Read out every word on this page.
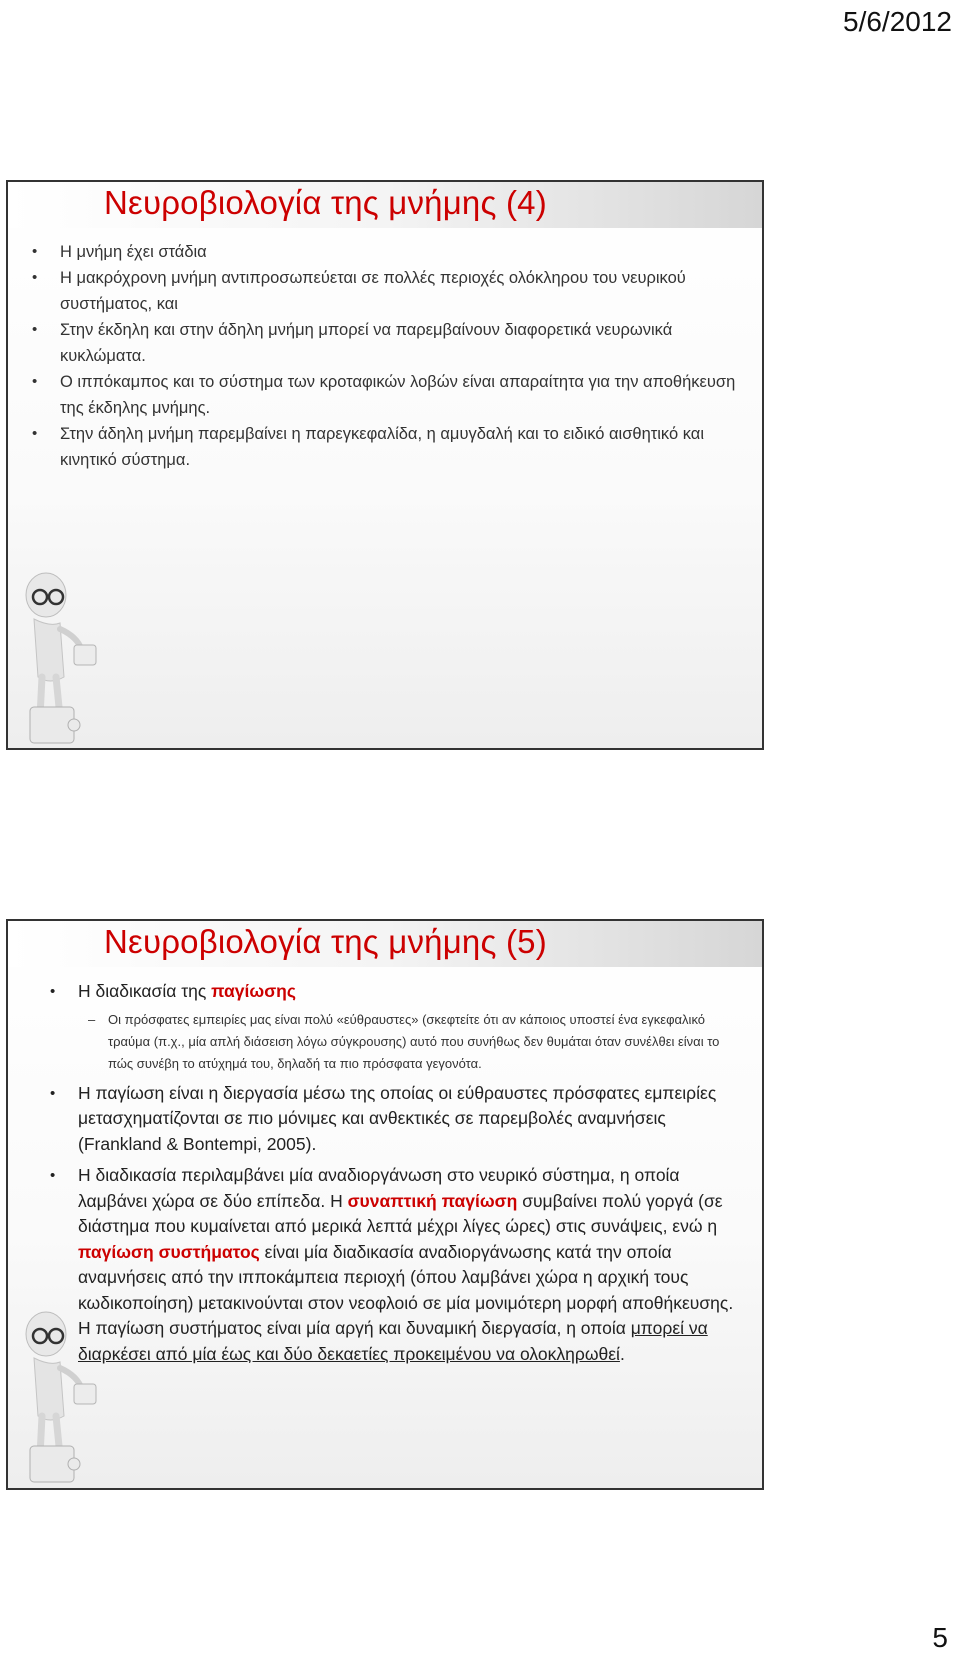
5/6/2012
Νευροβιολογία της μνήμης (4)
• Η μνήμη έχει στάδια
• Η μακρόχρονη μνήμη αντιπροσωπεύεται σε πολλές περιοχές ολόκληρου του νευρικού συστήματος, και
• Στην έκδηλη και στην άδηλη μνήμη μπορεί να παρεμβαίνουν διαφορετικά νευρωνικά κυκλώματα.
• Ο ιππόκαμπος και το σύστημα των κροταφικών λοβών είναι απαραίτητα για την αποθήκευση της έκδηλης μνήμης.
• Στην άδηλη μνήμη παρεμβαίνει η παρεγκεφαλίδα, η αμυγδαλή και το ειδικό αισθητικό και κινητικό σύστημα.
Νευροβιολογία της μνήμης (5)
• Η διαδικασία της παγίωσης
– Οι πρόσφατες εμπειρίες μας είναι πολύ «εύθραυστες» (σκεφτείτε ότι αν κάποιος υποστεί ένα εγκεφαλικό τραύμα (π.χ., μία απλή διάσειση λόγω σύγκρουσης) αυτό που συνήθως δεν θυμάται όταν συνέλθει είναι το πώς συνέβη το ατύχημά του, δηλαδή τα πιο πρόσφατα γεγονότα.
• Η παγίωση είναι η διεργασία μέσω της οποίας οι εύθραυστες πρόσφατες εμπειρίες μετασχηματίζονται σε πιο μόνιμες και ανθεκτικές σε παρεμβολές αναμνήσεις (Frankland & Bontempi, 2005).
• Η διαδικασία περιλαμβάνει μία αναδιοργάνωση στο νευρικό σύστημα, η οποία λαμβάνει χώρα σε δύο επίπεδα. Η συναπτική παγίωση συμβαίνει πολύ γοργά (σε διάστημα που κυμαίνεται από μερικά λεπτά μέχρι λίγες ώρες) στις συνάψεις, ενώ η παγίωση συστήματος είναι μία διαδικασία αναδιοργάνωσης κατά την οποία αναμνήσεις από την ιπποκάμπεια περιοχή (όπου λαμβάνει χώρα η αρχική τους κωδικοποίηση) μετακινούνται στον νεοφλοιό σε μία μονιμότερη μορφή αποθήκευσης. Η παγίωση συστήματος είναι μία αργή και δυναμική διεργασία, η οποία μπορεί να διαρκέσει από μία έως και δύο δεκαετίες προκειμένου να ολοκληρωθεί.
5
